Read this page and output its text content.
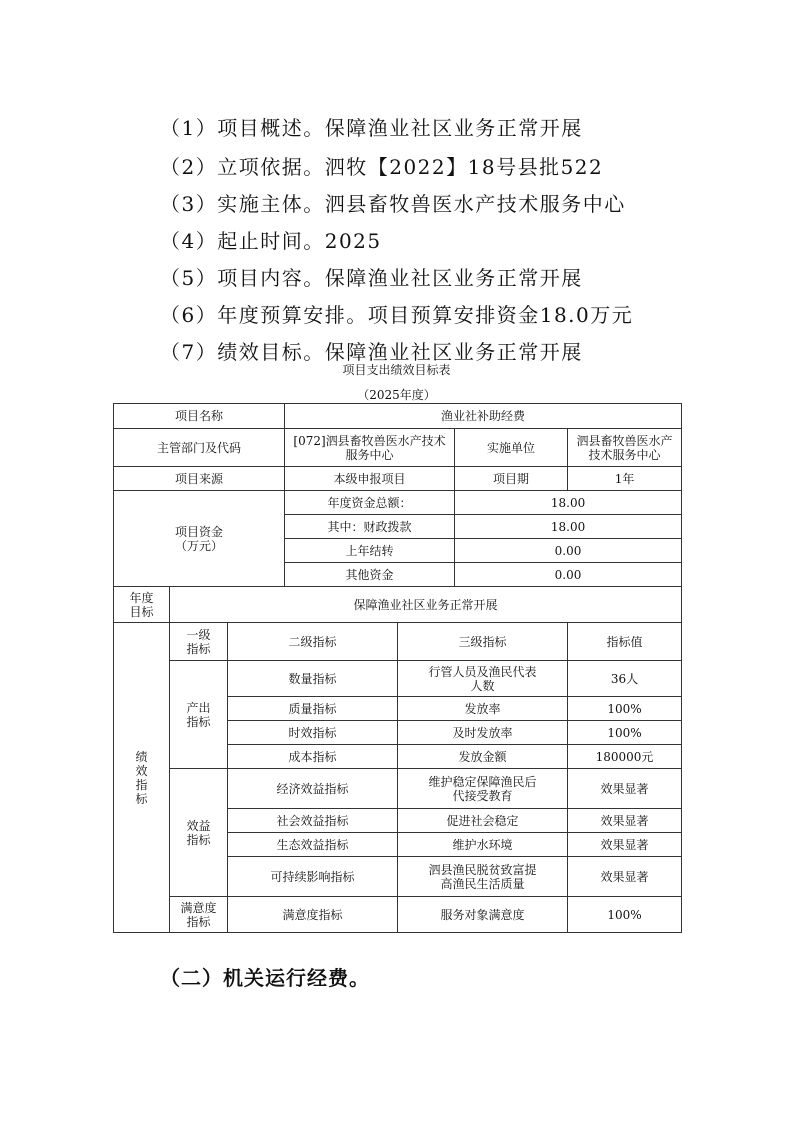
（1）项目概述。保障渔业社区业务正常开展
（2）立项依据。泗牧【2022】18号县批522
（3）实施主体。泗县畜牧兽医水产技术服务中心
（4）起止时间。2025
（5）项目内容。保障渔业社区业务正常开展
（6）年度预算安排。项目预算安排资金18.0万元
（7）绩效目标。保障渔业社区业务正常开展
项目支出绩效目标表
（2025年度）
项目名称			渔业社补助经费			
主管部门及代码			[072]泗县畜牧兽医水产技术服务中心		实施单位	泗县畜牧兽医水产技术服务中心
项目来源			本级申报项目		项目期	1年

项目资金
（万元）			年度资金总额：		18.00	
			其中：财政拨款		18.00	
			上年结转		0.00	
			其他资金		0.00	

年度目标	保障渔业社区业务正常开展					

绩效指标	一级指标	二级指标		三级指标		指标值

	产出指标	数量指标		行管人员及渔民代表人数		36人
		质量指标		发放率		100%
		时效指标		及时发放率		100%
		成本指标		发放金额		180000元

	效益指标	经济效益指标		维护稳定保障渔民后代接受教育		效果显著
		社会效益指标		促进社会稳定		效果显著
		生态效益指标		维护水环境		效果显著
		可持续影响指标		泗县渔民脱贫致富提高渔民生活质量		效果显著

	满意度指标	满意度指标		服务对象满意度		100%
（二）机关运行经费。
